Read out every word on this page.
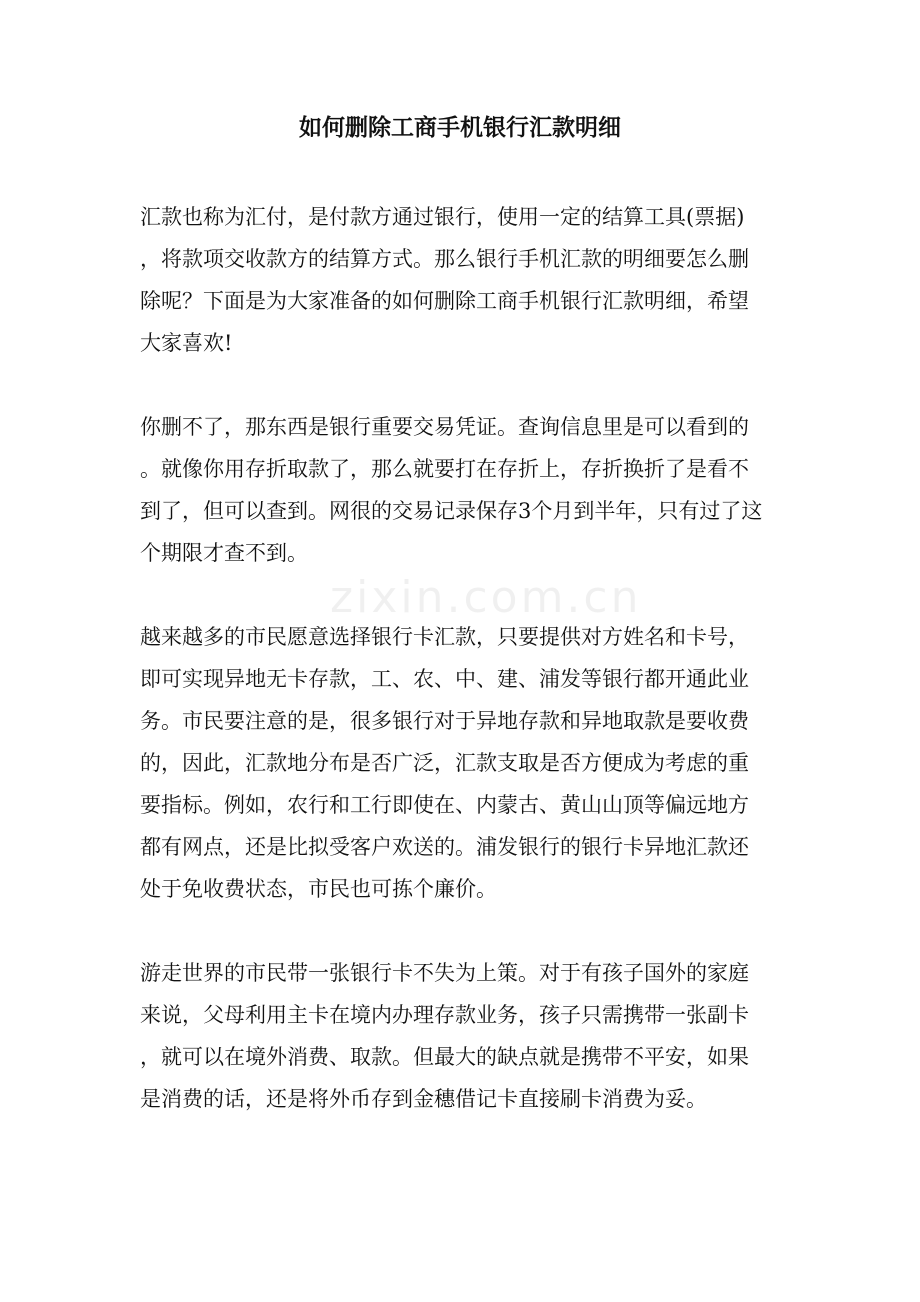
zixin.com.cn
如何删除工商手机银行汇款明细
汇款也称为汇付，是付款方通过银行，使用一定的结算工具(票据)
，将款项交收款方的结算方式。那么银行手机汇款的明细要怎么删
除呢？下面是为大家准备的如何删除工商手机银行汇款明细，希望
大家喜欢!
你删不了，那东西是银行重要交易凭证。查询信息里是可以看到的
。就像你用存折取款了，那么就要打在存折上，存折换折了是看不
到了，但可以查到。网很的交易记录保存3个月到半年，只有过了这
个期限才查不到。
越来越多的市民愿意选择银行卡汇款，只要提供对方姓名和卡号，
即可实现异地无卡存款，工、农、中、建、浦发等银行都开通此业
务。市民要注意的是，很多银行对于异地存款和异地取款是要收费
的，因此，汇款地分布是否广泛，汇款支取是否方便成为考虑的重
要指标。例如，农行和工行即使在、内蒙古、黄山山顶等偏远地方
都有网点，还是比拟受客户欢送的。浦发银行的银行卡异地汇款还
处于免收费状态，市民也可拣个廉价。
游走世界的市民带一张银行卡不失为上策。对于有孩子国外的家庭
来说，父母利用主卡在境内办理存款业务，孩子只需携带一张副卡
，就可以在境外消费、取款。但最大的缺点就是携带不平安，如果
是消费的话，还是将外币存到金穗借记卡直接刷卡消费为妥。
